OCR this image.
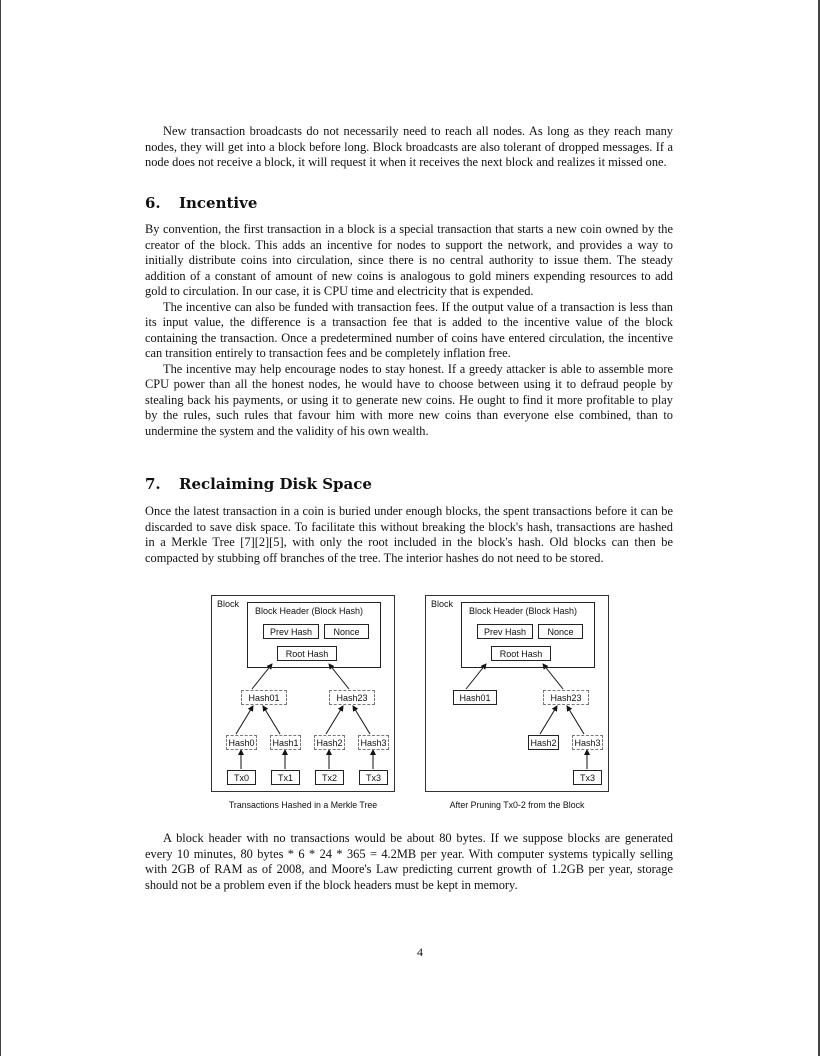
New transaction broadcasts do not necessarily need to reach all nodes. As long as they reach many nodes, they will get into a block before long. Block broadcasts are also tolerant of dropped messages. If a node does not receive a block, it will request it when it receives the next block and realizes it missed one.

6.	Incentive

By convention, the first transaction in a block is a special transaction that starts a new coin owned by the creator of the block. This adds an incentive for nodes to support the network, and provides a way to initially distribute coins into circulation, since there is no central authority to issue them. The steady addition of a constant of amount of new coins is analogous to gold miners expending resources to add gold to circulation. In our case, it is CPU time and electricity that is expended.

The incentive can also be funded with transaction fees. If the output value of a transaction is less than its input value, the difference is a transaction fee that is added to the incentive value of the block containing the transaction. Once a predetermined number of coins have entered circulation, the incentive can transition entirely to transaction fees and be completely inflation free.

The incentive may help encourage nodes to stay honest. If a greedy attacker is able to assemble more CPU power than all the honest nodes, he would have to choose between using it to defraud people by stealing back his payments, or using it to generate new coins. He ought to find it more profitable to play by the rules, such rules that favour him with more new coins than everyone else combined, than to undermine the system and the validity of his own wealth.

7.	Reclaiming Disk Space

Once the latest transaction in a coin is buried under enough blocks, the spent transactions before it can be discarded to save disk space. To facilitate this without breaking the block's hash, transactions are hashed in a Merkle Tree [7][2][5], with only the root included in the block's hash. Old blocks can then be compacted by stubbing off branches of the tree. The interior hashes do not need to be stored.

A block header with no transactions would be about 80 bytes. If we suppose blocks are generated every 10 minutes, 80 bytes * 6 * 24 * 365 = 4.2MB per year. With computer systems typically selling with 2GB of RAM as of 2008, and Moore's Law predicting current growth of 1.2GB per year, storage should not be a problem even if the block headers must be kept in memory.

Block
Block Header (Block Hash)
Prev Hash	Nonce
Root Hash
Hash01	Hash23
Hash0 Hash1 Hash2 Hash3
Tx0	Tx1	Tx2	Tx3
Transactions Hashed in a Merkle Tree
Block
Block Header (Block Hash)
Prev Hash	Nonce
Root Hash
Hash01	Hash23
Hash2 Hash3
Tx3
After Pruning Tx0-2 from the Block
4
